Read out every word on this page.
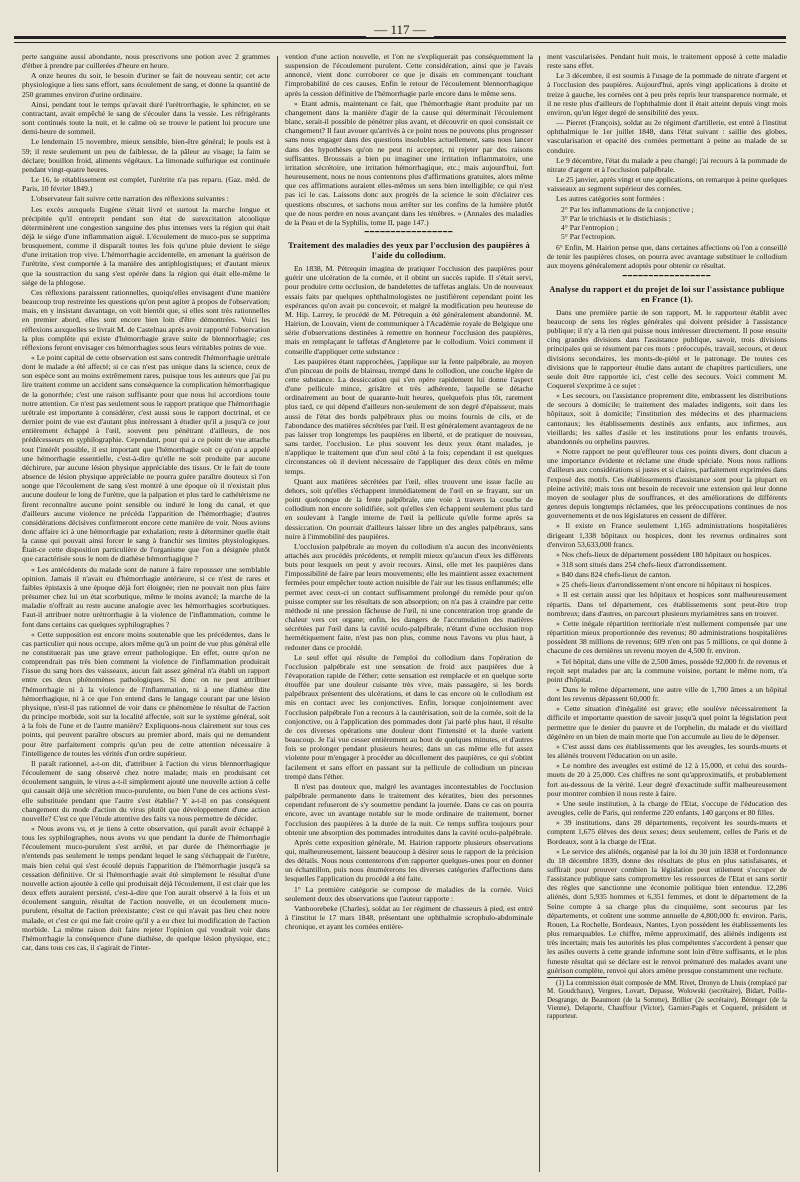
— 117 —

perte sanguine aussi abondante, nous prescrivons une potion avec 2 grammes d'éther à prendre par cuillerées d'heure en heure.

A onze heures du soir, le besoin d'uriner se fait de nouveau sentir; cet acte physiologique a lieu sans effort, sans écoulement de sang, et donne la quantité de 250 grammes environ d'urine ordinaire.

Ainsi, pendant tout le temps qu'avait duré l'urétrorrhagie, le sphincter, en se contractant, avait empêché le sang de s'écouler dans la vessie. Les réfrigérants sont continués toute la nuit, et le calme où se trouve le patient lui procure une demi-heure de sommeil.

Le lendemain 15 novembre, mieux sensible, bien-être général; le pouls est à 59; il reste seulement un peu de faiblesse, de la pâleur au visage; la faim se déclare; bouillon froid, aliments végétaux. La limonade sulfurique est continuée pendant vingt-quatre heures.

Le 16, le rétablissement est complet, l'urétrite n'a pas reparu. (Gaz. méd. de Paris, 10 février 1849.)

L'observateur fait suivre cette narration des réflexions suivantes :

Les excès auxquels Eugène s'était livré et surtout la marche longue et précipitée qu'il entreprit pendant son état de surexcitation alcoolique déterminèrent une congestion sanguine des plus intenses vers la région qui était déjà le siége d'une inflammation aiguë. L'écoulement de muco-pus se supprima brusquement, comme il disparaît toutes les fois qu'une pluie devient le siége d'une irritation trop vive. L'hémorrhagie accidentelle, en amenant la guérison de l'urétrite, s'est comportée à la manière des antiphlogistiques; et d'autant mieux que la soustraction du sang s'est opérée dans la région qui était elle-même le siége de la phlogose.

Ces réflexions paraissent rationnelles, quoiqu'elles envisagent d'une manière beaucoup trop restreinte les questions qu'on peut agiter à propos de l'observation; mais, en y insistant davantage, on voit bientôt que, si elles sont très rationnelles en premier abord, elles sont encore bien loin d'être démontrées. Voici les réflexions auxquelles se livrait M. de Castelnau après avoir rapporté l'observation la plus complète qui existe d'hémorrhagie grave suite de blennorrhagie; ces réflexions feront envisager ces hémorrhagies sous leurs véritables points de vue.

« Le point capital de cette observation est sans contredit l'hémorrhagie urétrale dont le malade a été affecté; si ce cas n'est pas unique dans la science, ceux de son espèce sont au moins extrêmement rares, puisque tous les auteurs que j'ai pu lire traitent comme un accident sans conséquence la complication hémorrhagique de la gonorrhée; c'est une raison suffisante pour que nous lui accordions toute notre attention. Ce n'est pas seulement sous le rapport pratique que l'hémorrhagie urétrale est importante à considérer, c'est aussi sous le rapport doctrinal, et ce dernier point de vue est d'autant plus intéressant à étudier qu'il a jusqu'à ce jour entièrement échappé à l'œil, souvent peu pénétrant d'ailleurs, de nos prédécesseurs en syphilographie. Cependant, pour qui a ce point de vue attache tout l'intérêt possible, il est important que l'hémorrhagie soit ce qu'on a appelé une hémorrhagie essentielle, c'est-à-dire qu'elle ne soit produite par aucune déchirure, par aucune lésion physique appréciable des tissus. Or le fait de toute absence de lésion physique appréciable ne pourra guère paraître douteux si l'on songe que l'écoulement de sang s'est montré à une époque où il n'existait plus aucune douleur le long de l'urètre, que la palpation et plus tard le cathétérisme ne firent reconnaître aucune point sensible ou induré le long du canal, et que d'ailleurs aucune violence ne précéda l'apparition de l'hémorrhagie; d'autres considérations décisives confirmeront encore cette manière de voir. Nous avions donc affaire ici à une hémorrhagie par exhalation; reste à déterminer quelle était la cause qui pouvait ainsi forcer le sang à franchir ses limites physiologiques. Était-ce cette disposition particulière de l'organisme que l'on a désignée plutôt que caractérisée sous le nom de diathèse hémorrhagique ?

« Les antécédents du malade sont de nature à faire repousser une semblable opinion. Jamais il n'avait eu d'hémorrhagie antérieure, si ce n'est de rares et faibles épistaxis à une époque déjà fort éloignée; rien ne pouvait non plus faire présumer chez lui un état scorbutique, même le moins avancé; la marche de la maladie n'offrait au reste aucune analogie avec les hémorrhagies scorbutiques. Faut-il attribuer notre urétrorrhagie à la violence de l'inflammation, comme le font dans certains cas quelques syphilographes ?

« Cette supposition est encore moins soutenable que les précédentes, dans le cas particulier qui nous occupe, alors même qu'à un point de vue plus général elle ne constituerait pas une grave erreur pathologique. En effet, outre qu'on ne comprendrait pas très bien comment la violence de l'inflammation produirait l'issue du sang hors des vaisseaux, aucun fait assez général n'a établi un rapport entre ces deux phénomènes pathologiques. Si donc on ne peut attribuer l'hémorrhagie ni à la violence de l'inflammation, ni à une diathèse dite hémorrhagique, ni à ce que l'on entend dans le langage courant par une lésion physique, n'est-il pas rationnel de voir dans ce phénomène le résultat de l'action du principe morbide, soit sur la localité affectée, soit sur le système général, soit à la fois de l'une et de l'autre manière? Expliquons-nous clairement sur tous ces points, qui peuvent paraître obscurs au premier abord, mais qui ne demandent pour être parfaitement compris qu'un peu de cette attention nécessaire à l'intelligence de toutes les vérités d'un ordre supérieur.

Il paraît rationnel, a-t-on dit, d'attribuer à l'action du virus blennorrhagique l'écoulement de sang observé chez notre malade; mais en produisant cet écoulement sanguin, le virus a-t-il simplement ajouté une nouvelle action à celle qui causait déjà une sécrétion muco-purulente, ou bien l'une de ces actions s'est-elle substituée pendant que l'autre s'est établie? Y a-t-il en pas conséquent changement du mode d'action du virus plutôt que développement d'une action nouvelle? C'est ce que l'étude attentive des faits va nous permettre de décider.

« Nous avons vu, et je tiens à cette observation, qui paraît avoir échappé à tous les syphilographes, nous avons vu que pendant la durée de l'hémorrhagie l'écoulement muco-purulent s'est arrêté, et par durée de l'hémorrhagie je n'entends pas seulement le temps pendant lequel le sang s'échappait de l'urètre, mais bien celui qui s'est écoulé depuis l'apparition de l'hémorrhagie jusqu'à sa cessation définitive. Or si l'hémorrhagie avait été simplement le résultat d'une nouvelle action ajoutée à celle qui produisait déjà l'écoulement, il est clair que les deux effets auraient persisté, c'est-à-dire que l'on aurait observé à la fois et un écoulement sanguin, résultat de l'action nouvelle, et un écoulement muco-purulent, résultat de l'action préexistante; c'est ce qui n'avait pas lieu chez notre malade, et c'est ce qui me fait croire qu'il y a eu chez lui modification de l'action morbide. La même raison doit faire rejeter l'opinion qui voudrait voir dans l'hémorrhagie la conséquence d'une diathèse, de quelque lésion physique, etc.; car, dans tous ces cas, il s'agirait de l'inter-

vention d'une action nouvelle, et l'on ne s'expliquerait pas conséquemment la suspension de l'écoulement purulent. Cette considération, ainsi que je l'avais annoncé, vient donc corroborer ce que je disais en commençant touchant l'improbabilité de ces causes. Enfin le retour de l'écoulement blennorrhagique après la cession définitive de l'hémorrhagie parle encore dans le même sens.

» Etant admis, maintenant ce fait, que l'hémorrhagie étant produite par un changement dans la manière d'agir de la cause qui déterminait l'écoulement blanc, serait-il possible de pénétrer plus avant, et découvrir en quoi consistait ce changement? Il faut avouer qu'arrivés à ce point nous ne pouvons plus progresser sans nous engager dans des questions insolubles actuellement, sans nous lancer dans des hypothèses qu'on ne peut ni accepter, ni rejeter par des raisons suffisantes. Broussais a bien pu imaginer une irritation inflammatoire, une irritation sécrétoire, une irritation hémorrhagique, etc.; mais aujourd'hui, fort heureusement, nous ne nous contentons plus d'affirmations gratuites, alors même que ces affirmations auraient elles-mêmes un sens bien intelligible; ce qui n'est pas ici le cas. Laissons donc aux progrès de la science le soin d'éclairer ces questions obscures, et sachons nous arrêter sur les confins de la lumière plutôt que de nous perdre en nous avançant dans les ténèbres. » (Annales des maladies de la Peau et de la Syphilis, tome II, page 147.)

━━━━━━━━━━━━━━━━━
Traitement des maladies des yeux par l'occlusion des paupières à l'aide du collodium.

En 1838, M. Pétrequin imagina de pratiquer l'occlusion des paupières pour guérir une ulcération de la cornée, et il obtint un succès rapide. Il s'était servi, pour produire cette occlusion, de bandelettes de taffetas anglais. Un de nouveaux essais faits par quelques ophthalmologistes ne justifièrent cependant point les espérances qu'on avait pu concevoir, et malgré la modification peu heureuse de M. Hip. Larrey, le procédé de M. Pétrequin a été généralement abandonné. M. Hairion, de Louvain, vient de communiquer à l'Académie royale de Belgique une série d'observations destinées à remettre en honneur l'occlusion des paupières, mais en remplaçant le taffetas d'Angleterre par le collodium. Voici comment il conseille d'appliquer cette substance :

Les paupières étant rapprochées, j'applique sur la fente palpébrale, au moyen d'un pinceau de poils de blaireau, trempé dans le collodion, une couche légère de cette substance. La dessiccation qui s'en opère rapidement lui donne l'aspect d'une pellicule mince, grisâtre et très adhérente, laquelle se détache ordinairement au bout de quarante-huit heures, quelquefois plus tôt, rarement plus tard, ce qui dépend d'ailleurs non-seulement de son degré d'épaisseur, mais aussi de l'état des bords palpébraux plus ou moins fournis de cils, et de l'abondance des matières sécrétées par l'œil. Il est généralement avantageux de ne pas laisser trop longtemps les paupières en liberté, et de pratiquer de nouveau, sans tarder, l'occlusion. Le plus souvent les deux yeux étant malades, je n'applique le traitement que d'un seul côté à la fois; cependant il est quelques circonstances où il devient nécessaire de l'appliquer des deux côtés en même temps.

Quant aux matières sécrétées par l'œil, elles trouvent une issue facile au dehors, soit qu'elles s'échappent immédiatement de l'œil en se frayant, sur un point quelconque de la fente palpébrale, une voie à travers la couche de collodium non encore solidifiée, soit qu'elles s'en échappent seulement plus tard en soulevant à l'angle interne de l'œil la pellicule qu'elle forme après sa dessiccation. On pourrait d'ailleurs laisser libre un des angles palpébraux, sans nuire à l'immobilité des paupières.

L'occlusion palpébrale au moyen du collodium n'a aucun des inconvénients attachés aux procédés précédents, et remplit mieux qu'aucun d'eux les différents buts pour lesquels on peut y avoir recours. Ainsi, elle met les paupières dans l'impossibilité de faire par leurs mouvements; elle les maintient assez exactement fermées pour empêcher toute action nuisible de l'air sur les tissus enflammés; elle permet avec ceux-ci un contact suffisamment prolongé du remède pour qu'on puisse compter sur les résultats de son absorption; on n'a pas à craindre par cette méthode ni une pression fâcheuse de l'œil, ni une concentration trop grande de chaleur vers cet organe; enfin, les dangers de l'accumulation des matières sécrétées par l'œil dans la cavité oculo-palpébrale, n'étant d'une occlusion trop hermétiquement faite, n'est pas non plus, comme nous l'avons vu plus haut, à redouter dans ce procédé.

Le seul effet qui résulte de l'emploi du collodium dans l'opération de l'occlusion palpébrale est une sensation de froid aux paupières due à l'évaporation rapide de l'éther; cette sensation est remplacée et en quelque sorte étouffée par une douleur cuisante très vive, mais passagère, si les bords palpébraux présentent des ulcérations, et dans le cas encore où le collodium est mis en contact avec les conjonctives. Enfin, lorsque conjointement avec l'occlusion palpébrale l'on a recours à la cautérisation, soit de la cornée, soit de la conjonctive, ou à l'application des pommades dont j'ai parlé plus haut, il résulte de ces diverses opérations une douleur dont l'intensité et la durée varient beaucoup. Je l'ai vue cesser entièrement au bout de quelques minutes, et d'autres fois se prolonger pendant plusieurs heures; dans un cas même elle fut assez violente pour m'engager à procéder au décollement des paupières, ce qui s'obtint facilement et sans effort en passant sur la pellicule de collodium un pinceau trempé dans l'éther.

Il n'est pas douteux que, malgré les avantages incontestables de l'occlusion palpébrale permanente dans le traitement des kératites, bien des personnes cependant refuseront de s'y soumettre pendant la journée. Dans ce cas on pourra encore, avec un avantage notable sur le mode ordinaire de traitement, borner l'occlusion des paupières à la durée de la nuit. Ce temps suffira toujours pour obtenir une absorption des pommades introduites dans la cavité oculo-palpébrale.

Après cette exposition générale, M. Hairion rapporte plusieurs observations qui, malheureusement, laissent beaucoup à désirer sous le rapport de la précision des détails. Nous nous contenterons d'en rapporter quelques-unes pour en donner un échantillon, puis nous énumérerons les diverses catégories d'affections dans lesquelles l'application du procédé a été faite.

1° La première catégorie se compose de maladies de la cornée. Voici seulement deux des observations que l'auteur rapporte :

Vanhoorebeke (Charles), soldat au 1er régiment de chasseurs à pied, est entré à l'institut le 17 mars 1848, présentant une ophthalmie scrophulo-abdominale chronique, et ayant les cornées entière-

ment vascularisées. Pendant huit mois, le traitement opposé à cette maladie reste sans effet.

Le 3 décembre, il est soumis à l'usage de la pommade de nitrate d'argent et à l'occlusion des paupières. Aujourd'hui, après vingt applications à droite et treize à gauche, les cornées ont à peu près repris leur transparence normale, et il ne reste plus d'ailleurs de l'ophthalmie dont il était atteint depuis vingt mois environ, qu'un léger degré de sensibilité des yeux.

— Pierret (François), soldat au 2e régiment d'artillerie, est entré à l'institut ophthalmique le 1er juillet 1848, dans l'état suivant : saillie des globes, vascularisation et opacité des cornées permettant à peine au malade de se conduire.

Le 9 décembre, l'état du malade a peu changé; j'ai recours à la pommade de nitrate d'argent et à l'occlusion palpébrale.

Le 25 janvier, après vingt et une applications, on remarque à peine quelques vaisseaux au segment supérieur des cornées.

Les autres catégories sont formées :

2° Par les inflammations de la conjonctive ;
3° Par le trichiasis et le distichiasis ;
4° Par l'entropion ;
5° Par l'ectropion.

6° Enfin, M. Hairion pense que, dans certaines affections où l'on a conseillé de tenir les paupières closes, on pourra avec avantage substituer le collodium aux moyens généralement adoptés pour obtenir ce résultat.

━━━━━━━━━━━━━━━━━
Analyse du rapport et du projet de loi sur l'assistance publique en France (1).

Dans une première partie de son rapport, M. le rapporteur établit avec beaucoup de sens les règles générales qui doivent présider à l'assistance publique; il n'y a là rien qui puisse nous intéresser directement. Il pose ensuite cinq grandes divisions dans l'assistance publique, savoir, trois divisions principales qui se résument par ces mots : préoccupés, travail, secours, et deux divisions secondaires, les monts-de-piété et le patronage. De toutes ces divisions que le rapporteur étudie dans autant de chapitres particuliers, une seule doit être rapportée ici, c'est celle des secours. Voici comment M. Coquerel s'exprime à ce sujet :

« Les secours, ou l'assistance proprement dite, embrassent les distributions de secours à domicile; le traitement des malades indigents, soit dans les hôpitaux, soit à domicile; l'institution des médecins et des pharmaciens cantonaux; les établissements destinés aux enfants, aux infirmes, aux vieillards; les salles d'asile et les institutions pour les enfants trouvés, abandonnés ou orphelins pauvres.

» Notre rapport ne peut qu'effleurer tous ces points divers, dont chacun a une importance évidente et réclame une étude spéciale. Nous nous rallions d'ailleurs aux considérations si justes et si claires, parfaitement exprimées dans l'exposé des motifs. Ces établissements d'assistance sont pour la plupart en pleine activité; mais tous ont besoin de recevoir une extension qui leur donne moyen de soulager plus de souffrances, et des améliorations de différents genres depuis longtemps réclamées, que les préoccupations continues de nos gouvernements et de nos législatures en cessent de différer.

» Il existe en France seulement 1,165 administrations hospitalières dirigeant 1,338 hôpitaux ou hospices, dont les revenus ordinaires sont d'environ 53,633,000 francs.

» Nos chefs-lieux de département possèdent 180 hôpitaux ou hospices.

» 318 sont situés dans 254 chefs-lieux d'arrondissement.

» 840 dans 824 chefs-lieux de canton.

» 25 chefs-lieux d'arrondissement n'ont encore ni hôpitaux ni hospices.

» Il est certain aussi que les hôpitaux et hospices sont malheureusement répartis. Dans tel département, ces établissements sont peut-être trop nombreux; dans d'autres, on parcourt plusieurs myriamètres sans en trouver.

» Cette inégale répartition territoriale n'est nullement compensée par une répartition mieux proportionnée des revenus; 80 administrations hospitalières possèdent 38 millions de revenus; 609 n'en ont pas 5 millions, ce qui donne à chacune de ces dernières un revenu moyen de 4,500 fr. environ.

» Tel hôpital, dans une ville de 2,500 âmes, possède 92,000 fr. de revenus et reçoit sept malades par an; la commune voisine, portant le même nom, n'a point d'hôpital.

» Dans le même département, une autre ville de 1,700 âmes a un hôpital dont les revenus dépassent 60,000 fr.

» Cette situation d'inégalité est grave; elle soulève nécessairement la difficile et importante question de savoir jusqu'à quel point la législation peut permettre que le denier du pauvre et de l'orphelin, du malade et du vieillard dégénère en un bien de main morte que l'on accumule au lieu de le dépenser.

» C'est aussi dans ces établissements que les aveugles, les sourds-muets et les aliénés trouvent l'éducation ou un asile.

» Le nombre des aveugles est estimé de 12 à 15,000, et celui des sourds-muets de 20 à 25,000. Ces chiffres ne sont qu'approximatifs, et probablement fort au-dessous de la vérité. Leur degré d'exactitude suffit malheureusement pour montrer combien il nous reste à faire.

» Une seule institution, à la charge de l'Etat, s'occupe de l'éducation des aveugles, celle de Paris, qui renferme 220 enfants, 140 garçons et 80 filles.

» 39 institutions, dans 28 départements, reçoivent les sourds-muets et comptent 1,675 élèves des deux sexes; deux seulement, celles de Paris et de Bordeaux, sont à la charge de l'Etat.

» Le service des aliénés, organisé par la loi du 30 juin 1838 et l'ordonnance du 18 décembre 1839, donne des résultats de plus en plus satisfaisants, et suffirait pour prouver combien la législation peut utilement s'occuper de l'assistance publique sans compromettre les ressources de l'Etat et sans sortir des règles que sanctionne une économie politique bien entendue. 12,286 aliénés, dont 5,935 hommes et 6,351 femmes, et dont le département de la Seine compte à sa charge plus du cinquième, sont secourus par les départements, et coûtent une somme annuelle de 4,800,000 fr. environ. Paris, Rouen, La Rochelle, Bordeaux, Nantes, Lyon possèdent les établissements les plus remarquables. Le chiffre, même approximatif, des aliénés indigents est très incertain; mais les autorités les plus compétentes s'accordent à penser que les asiles ouverts à cette grande infortune sont loin d'être suffisants, et le plus funeste résultat qui se déclare est le renvoi prématuré des malades avant une guérison complète, renvoi qui alors amène presque constamment une rechute.

(1) La commission était composée de MM. Rivet, Dronyn de Lhuis (remplacé par M. Goudchaux), Vergnes, Lovart, Depasse, Wolowski (secrétaire), Bidart, Poille-Desgrange, de Beaumont (de la Somme), Brillier (2e secrétaire), Bérenger (de la Vienne), Delaporte, Chauffour (Victor), Garnier-Pagès et Coquerel, président et rapporteur.
